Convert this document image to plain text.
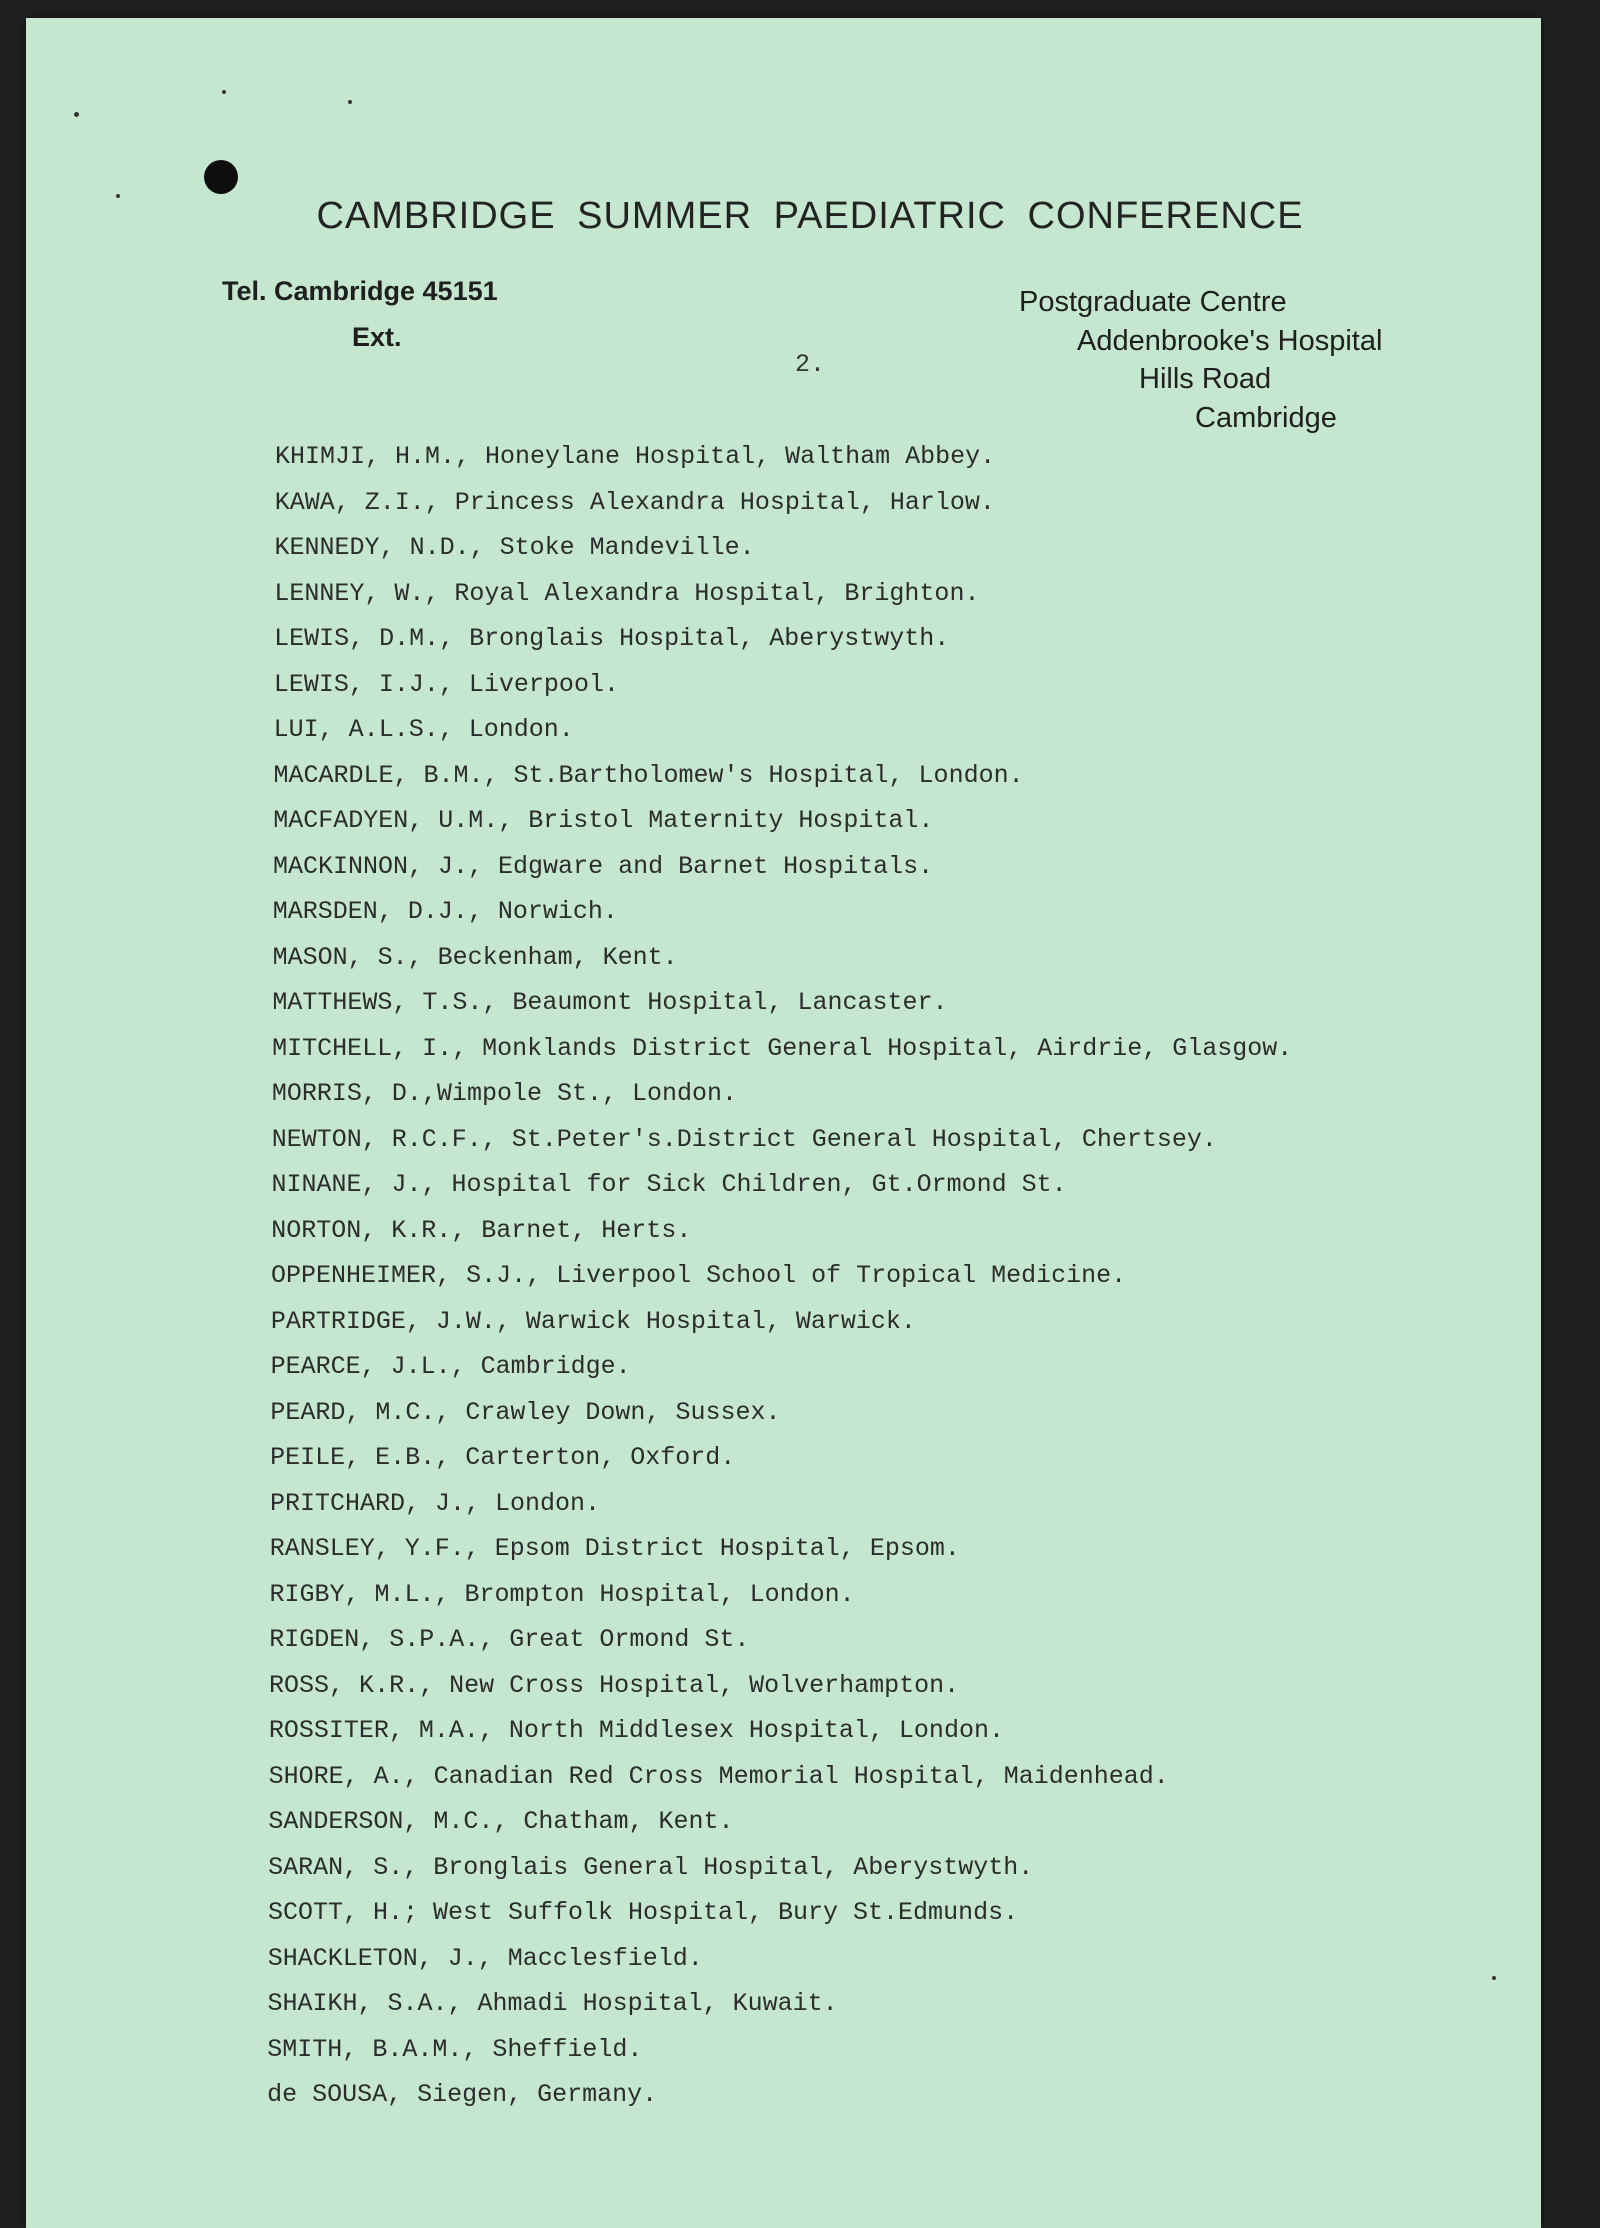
CAMBRIDGE SUMMER PAEDIATRIC CONFERENCE
Tel. Cambridge 45151
Ext.
2.
Postgraduate Centre
Addenbrooke's Hospital
Hills Road
Cambridge
KHIMJI, H.M., Honeylane Hospital, Waltham Abbey.
KAWA, Z.I., Princess Alexandra Hospital, Harlow.
KENNEDY, N.D., Stoke Mandeville.
LENNEY, W., Royal Alexandra Hospital, Brighton.
LEWIS, D.M., Bronglais Hospital, Aberystwyth.
LEWIS, I.J., Liverpool.
LUI, A.L.S., London.
MACARDLE, B.M., St.Bartholomew's Hospital, London.
MACFADYEN, U.M., Bristol Maternity Hospital.
MACKINNON, J., Edgware and Barnet Hospitals.
MARSDEN, D.J., Norwich.
MASON, S., Beckenham, Kent.
MATTHEWS, T.S., Beaumont Hospital, Lancaster.
MITCHELL, I., Monklands District General Hospital, Airdrie, Glasgow.
MORRIS, D.,Wimpole St., London.
NEWTON, R.C.F., St.Peter's.District General Hospital, Chertsey.
NINANE, J., Hospital for Sick Children, Gt.Ormond St.
NORTON, K.R., Barnet, Herts.
OPPENHEIMER, S.J., Liverpool School of Tropical Medicine.
PARTRIDGE, J.W., Warwick Hospital, Warwick.
PEARCE, J.L., Cambridge.
PEARD, M.C., Crawley Down, Sussex.
PEILE, E.B., Carterton, Oxford.
PRITCHARD, J., London.
RANSLEY, Y.F., Epsom District Hospital, Epsom.
RIGBY, M.L., Brompton Hospital, London.
RIGDEN, S.P.A., Great Ormond St.
ROSS, K.R., New Cross Hospital, Wolverhampton.
ROSSITER, M.A., North Middlesex Hospital, London.
SHORE, A., Canadian Red Cross Memorial Hospital, Maidenhead.
SANDERSON, M.C., Chatham, Kent.
SARAN, S., Bronglais General Hospital, Aberystwyth.
SCOTT, H.; West Suffolk Hospital, Bury St.Edmunds.
SHACKLETON, J., Macclesfield.
SHAIKH, S.A., Ahmadi Hospital, Kuwait.
SMITH, B.A.M., Sheffield.
de SOUSA, Siegen, Germany.
